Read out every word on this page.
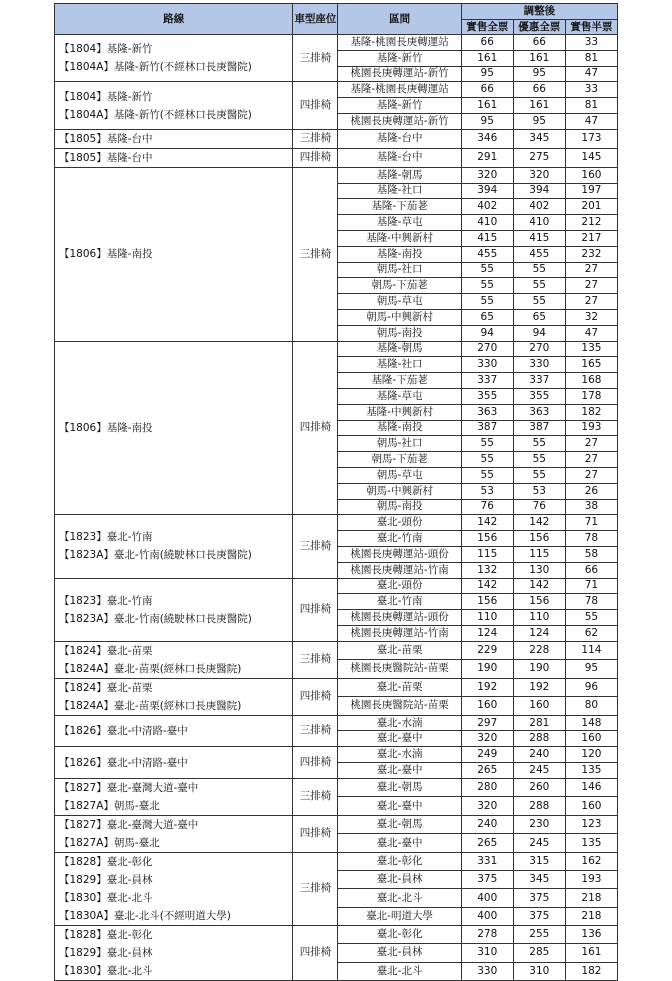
路線	車型座位	區間	調整後		
			實售全票	優惠全票	實售半票

【1804】基隆-新竹
【1804A】基隆-新竹(不經林口長庚醫院)	三排椅	基隆-桃園長庚轉運站	66	66	33
		基隆-新竹	161	161	81
		桃園長庚轉運站-新竹	95	95	47

【1804】基隆-新竹
【1804A】基隆-新竹(不經林口長庚醫院)	四排椅	基隆-桃園長庚轉運站	66	66	33
		基隆-新竹	161	161	81
		桃園長庚轉運站-新竹	95	95	47

【1805】基隆-台中	三排椅	基隆-台中	346	345	173

【1805】基隆-台中	四排椅	基隆-台中	291	275	145

【1806】基隆-南投	三排椅	基隆-朝馬	320	320	160
		基隆-社口	394	394	197
		基隆-下茄荖	402	402	201
		基隆-草屯	410	410	212
		基隆-中興新村	415	415	217
		基隆-南投	455	455	232
		朝馬-社口	55	55	27
		朝馬-下茄荖	55	55	27
		朝馬-草屯	55	55	27
		朝馬-中興新村	65	65	32
		朝馬-南投	94	94	47

【1806】基隆-南投	四排椅	基隆-朝馬	270	270	135
		基隆-社口	330	330	165
		基隆-下茄荖	337	337	168
		基隆-草屯	355	355	178
		基隆-中興新村	363	363	182
		基隆-南投	387	387	193
		朝馬-社口	55	55	27
		朝馬-下茄荖	55	55	27
		朝馬-草屯	55	55	27
		朝馬-中興新村	53	53	26
		朝馬-南投	76	76	38

【1823】臺北-竹南
【1823A】臺北-竹南(繞駛林口長庚醫院)	三排椅	臺北-頭份	142	142	71
		臺北-竹南	156	156	78
		桃園長庚轉運站-頭份	115	115	58
		桃園長庚轉運站-竹南	132	130	66

【1823】臺北-竹南
【1823A】臺北-竹南(繞駛林口長庚醫院)	四排椅	臺北-頭份	142	142	71
		臺北-竹南	156	156	78
		桃園長庚轉運站-頭份	110	110	55
		桃園長庚轉運站-竹南	124	124	62

【1824】臺北-苗栗
【1824A】臺北-苗栗(經林口長庚醫院)	三排椅	臺北-苗栗	229	228	114
		桃園長庚醫院站-苗栗	190	190	95

【1824】臺北-苗栗
【1824A】臺北-苗栗(經林口長庚醫院)	四排椅	臺北-苗栗	192	192	96
		桃園長庚醫院站-苗栗	160	160	80

【1826】臺北-中清路-臺中	三排椅	臺北-水湳	297	281	148
		臺北-臺中	320	288	160

【1826】臺北-中清路-臺中	四排椅	臺北-水湳	249	240	120
		臺北-臺中	265	245	135

【1827】臺北-臺灣大道-臺中
【1827A】朝馬-臺北	三排椅	臺北-朝馬	280	260	146
		臺北-臺中	320	288	160

【1827】臺北-臺灣大道-臺中
【1827A】朝馬-臺北	四排椅	臺北-朝馬	240	230	123
		臺北-臺中	265	245	135

【1828】臺北-彰化
【1829】臺北-員林
【1830】臺北-北斗
【1830A】臺北-北斗(不經明道大學)	三排椅	臺北-彰化	331	315	162
		臺北-員林	375	345	193
		臺北-北斗	400	375	218
		臺北-明道大學	400	375	218

【1828】臺北-彰化
【1829】臺北-員林
【1830】臺北-北斗	四排椅	臺北-彰化	278	255	136
		臺北-員林	310	285	161
		臺北-北斗	330	310	182
